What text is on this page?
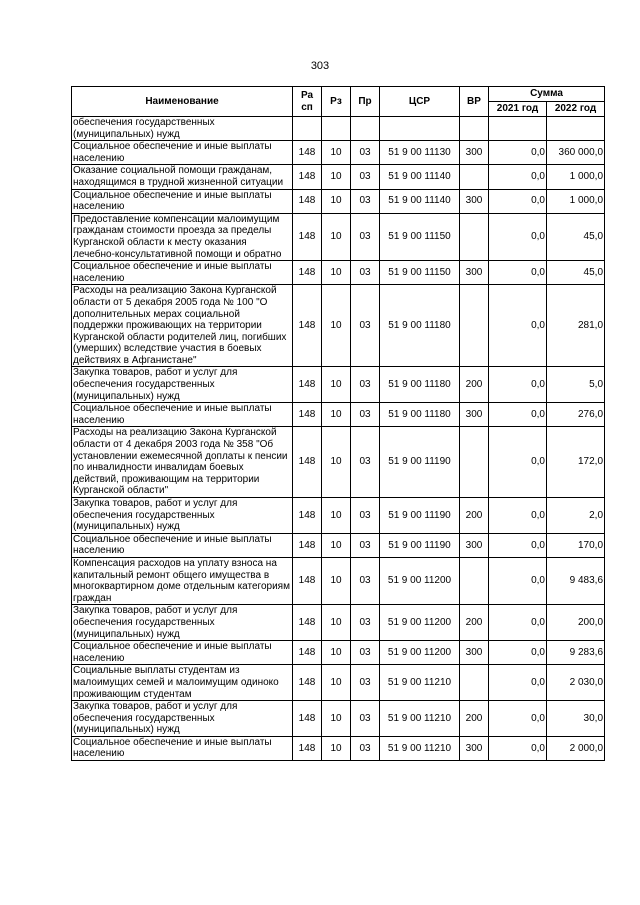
303
Наименование	Ра сп	Рз	Пр	ЦСР	ВР	Сумма	
						2021 год	2022 год
обеспечения государственных (муниципальных) нужд							
Социальное обеспечение и иные выплаты населению	148	10	03	51 9 00 11130	300	0,0	360 000,0
Оказание социальной помощи гражданам, находящимся в трудной жизненной ситуации	148	10	03	51 9 00 11140		0,0	1 000,0
Социальное обеспечение и иные выплаты населению	148	10	03	51 9 00 11140	300	0,0	1 000,0
Предоставление компенсации малоимущим гражданам стоимости проезда за пределы Курганской области к месту оказания лечебно-консультативной помощи и обратно	148	10	03	51 9 00 11150		0,0	45,0
Социальное обеспечение и иные выплаты населению	148	10	03	51 9 00 11150	300	0,0	45,0
Расходы на реализацию Закона Курганской области от 5 декабря 2005 года № 100 "О дополнительных мерах социальной поддержки проживающих на территории Курганской области родителей лиц, погибших (умерших) вследствие участия в боевых действиях в Афганистане"	148	10	03	51 9 00 11180		0,0	281,0
Закупка товаров, работ и услуг для обеспечения государственных (муниципальных) нужд	148	10	03	51 9 00 11180	200	0,0	5,0
Социальное обеспечение и иные выплаты населению	148	10	03	51 9 00 11180	300	0,0	276,0
Расходы на реализацию Закона Курганской области от 4 декабря 2003 года № 358 "Об установлении ежемесячной доплаты к пенсии по инвалидности инвалидам боевых действий, проживающим на территории Курганской области"	148	10	03	51 9 00 11190		0,0	172,0
Закупка товаров, работ и услуг для обеспечения государственных (муниципальных) нужд	148	10	03	51 9 00 11190	200	0,0	2,0
Социальное обеспечение и иные выплаты населению	148	10	03	51 9 00 11190	300	0,0	170,0
Компенсация расходов на уплату взноса на капитальный ремонт общего имущества в многоквартирном доме отдельным категориям граждан	148	10	03	51 9 00 11200		0,0	9 483,6
Закупка товаров, работ и услуг для обеспечения государственных (муниципальных) нужд	148	10	03	51 9 00 11200	200	0,0	200,0
Социальное обеспечение и иные выплаты населению	148	10	03	51 9 00 11200	300	0,0	9 283,6
Социальные выплаты студентам из малоимущих семей и малоимущим одиноко проживающим студентам	148	10	03	51 9 00 11210		0,0	2 030,0
Закупка товаров, работ и услуг для обеспечения государственных (муниципальных) нужд	148	10	03	51 9 00 11210	200	0,0	30,0
Социальное обеспечение и иные выплаты населению	148	10	03	51 9 00 11210	300	0,0	2 000,0
